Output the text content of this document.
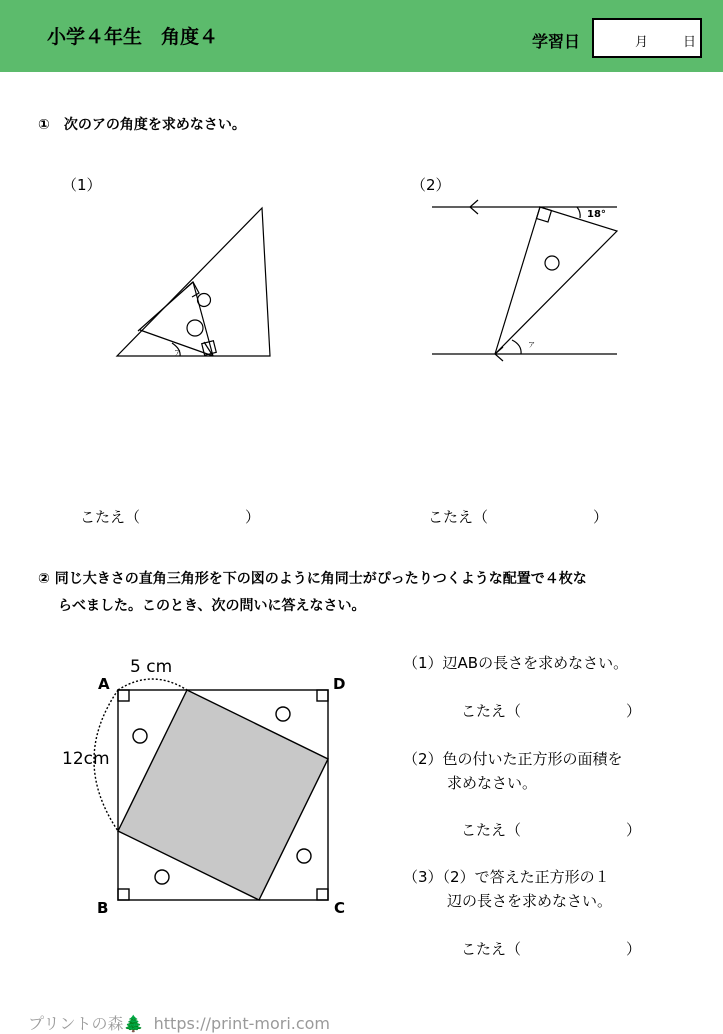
小学４年生　角度４	学習日	月	日
①　次のアの角度を求めなさい。
（1）	（2）
ア
18°
ア
こたえ（　　　　　　　）	こたえ（　　　　　　　）
② 同じ大きさの直角三角形を下の図のように角同士がぴったりつくような配置で４枚な
らべました。このとき、次の問いに答えなさい。
5 cm
12cm
A
B	C
D
（1）辺ABの長さを求めなさい。
こたえ（　　　　　　　）
（2）色の付いた正方形の面積を
求めなさい。
こたえ（　　　　　　　）
（3）（2）で答えた正方形の１
辺の長さを求めなさい。
こたえ（　　　　　　　）

プリントの森🌲 https://print-mori.com
